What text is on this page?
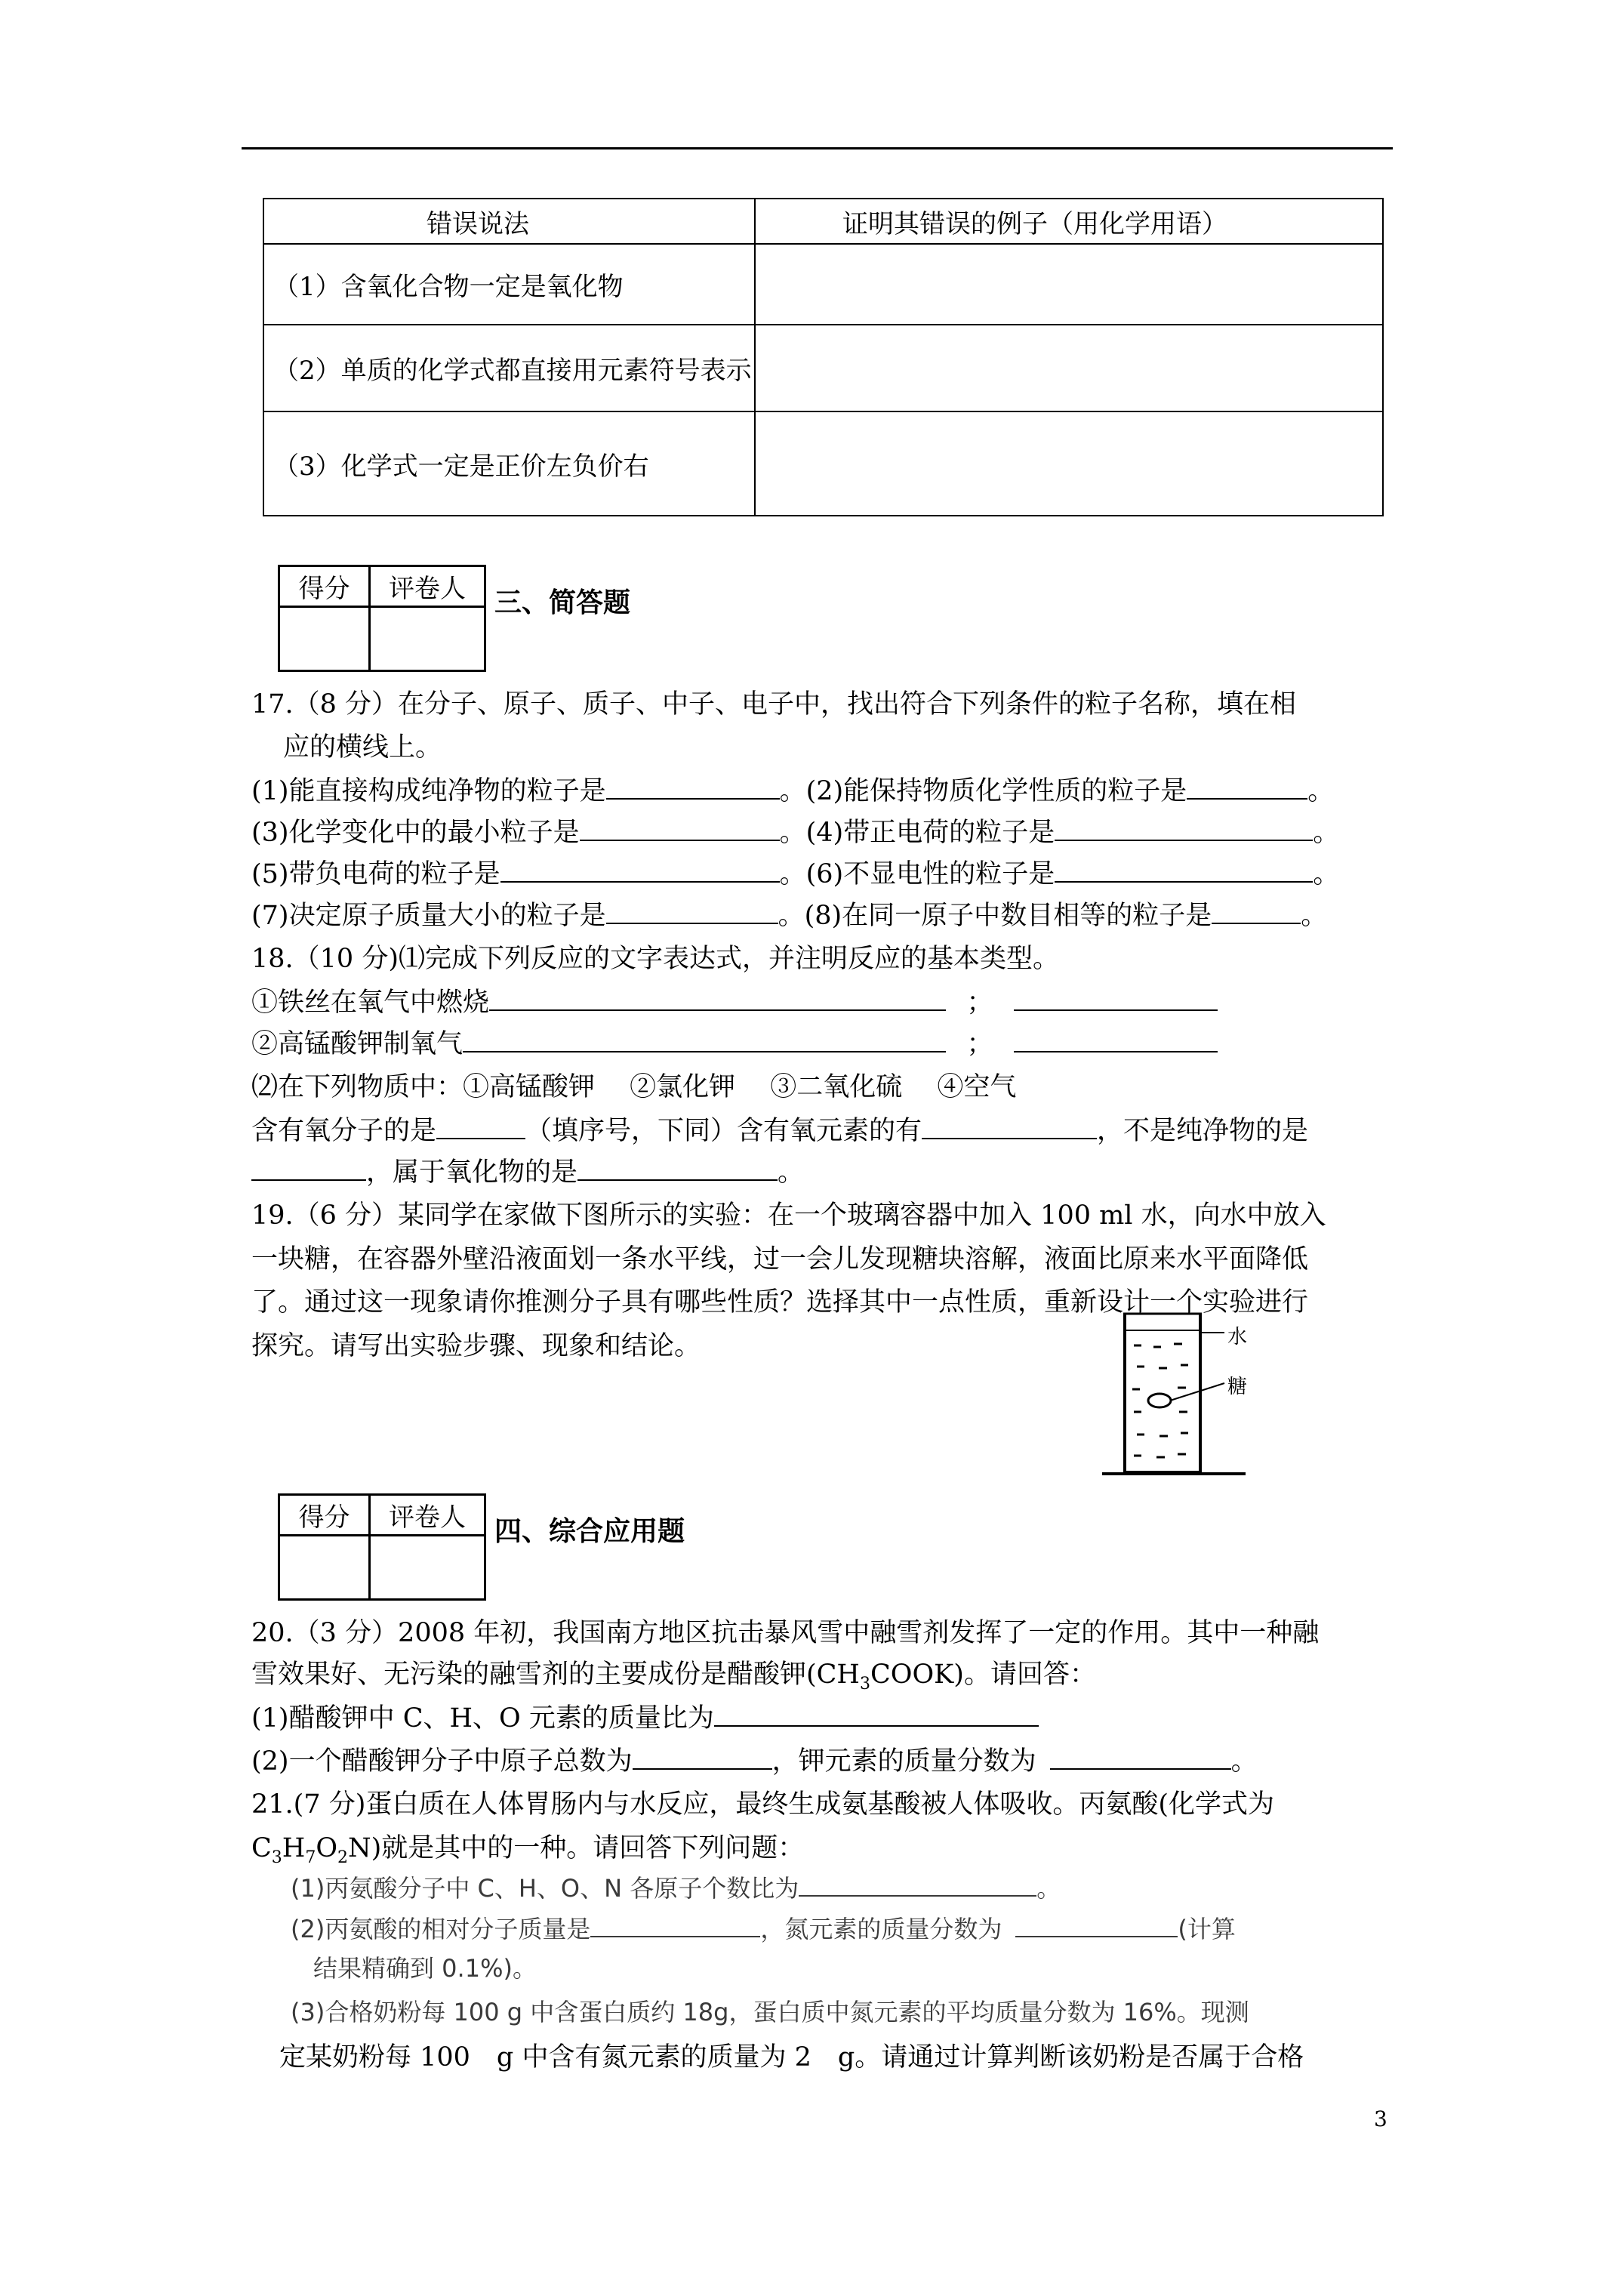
错误说法	证明其错误的例子（用化学用语）
（1）含氧化合物一定是氧化物	
（2）单质的化学式都直接用元素符号表示	
（3）化学式一定是正价左负价右	
得分	评卷人
	三、简答题
17.（8 分）在分子、原子、质子、中子、电子中，找出符合下列条件的粒子名称，填在相
应的横线上。
(1)能直接构成纯净物的粒子是	。(2)能保持物质化学性质的粒子是	。
(3)化学变化中的最小粒子是	。(4)带正电荷的粒子是	。
(5)带负电荷的粒子是	。(6)不显电性的粒子是	。
(7)决定原子质量大小的粒子是	。(8)在同一原子中数目相等的粒子是	。
18.（10 分)⑴完成下列反应的文字表达式，并注明反应的基本类型。
①铁丝在氧气中燃烧	；
②高锰酸钾制氧气	；
⑵在下列物质中：①高锰酸钾　 ②氯化钾　 ③二氧化硫　 ④空气
含有氧分子的是	（填序号，下同）含有氧元素的有	，不是纯净物的是
，属于氧化物的是	。
19.（6 分）某同学在家做下图所示的实验：在一个玻璃容器中加入 100 ml 水，向水中放入
一块糖，在容器外壁沿液面划一条水平线，过一会儿发现糖块溶解，液面比原来水平面降低
了。通过这一现象请你推测分子具有哪些性质？选择其中一点性质，重新设计一个实验进行
探究。请写出实验步骤、现象和结论。	水
糖
得分	评卷人
	四、综合应用题
20.（3 分）2008 年初，我国南方地区抗击暴风雪中融雪剂发挥了一定的作用。其中一种融
雪效果好、无污染的融雪剂的主要成份是醋酸钾$(CH_3COOK)$。请回答：
(1)醋酸钾中 C、H、O 元素的质量比为
(2)一个醋酸钾分子中原子总数为	，钾元素的质量分数为	。
21.(7 分)蛋白质在人体胃肠内与水反应，最终生成氨基酸被人体吸收。丙氨酸(化学式为
$C_3H_7O_2N$)就是其中的一种。请回答下列问题：
(1)丙氨酸分子中 C、H、O、N 各原子个数比为	。
(2)丙氨酸的相对分子质量是	，氮元素的质量分数为	(计算
结果精确到 0.1%)。
(3)合格奶粉每 100 g 中含蛋白质约 18g，蛋白质中氮元素的平均质量分数为 16%。现测
定某奶粉每 100　g 中含有氮元素的质量为 2　g。请通过计算判断该奶粉是否属于合格
3
